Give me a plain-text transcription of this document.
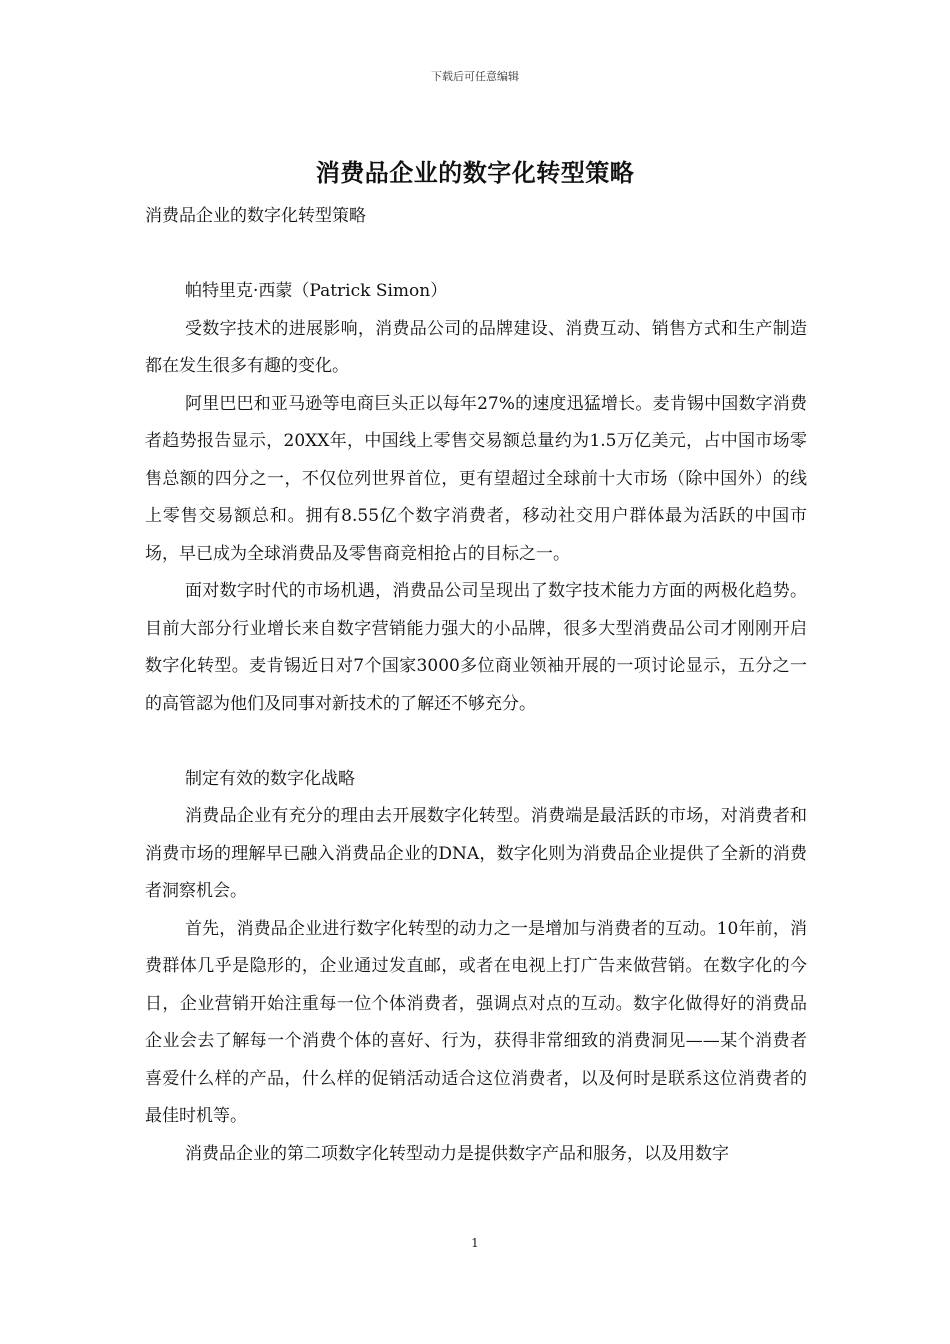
下载后可任意编辑
消费品企业的数字化转型策略

消费品企业的数字化转型策略

帕特里克·西蒙（Patrick Simon）

受数字技术的进展影响，消费品公司的品牌建设、消费互动、销售方式和生产制造都在发生很多有趣的变化。

阿里巴巴和亚马逊等电商巨头正以每年27%的速度迅猛增长。麦肯锡中国数字消费者趋势报告显示，20XX年，中国线上零售交易额总量约为1.5万亿美元，占中国市场零售总额的四分之一，不仅位列世界首位，更有望超过全球前十大市场（除中国外）的线上零售交易额总和。拥有8.55亿个数字消费者，移动社交用户群体最为活跃的中国市场，早已成为全球消费品及零售商竞相抢占的目标之一。

面对数字时代的市场机遇，消费品公司呈现出了数字技术能力方面的两极化趋势。目前大部分行业增长来自数字营销能力强大的小品牌，很多大型消费品公司才刚刚开启数字化转型。麦肯锡近日对7个国家3000多位商业领袖开展的一项讨论显示，五分之一的高管認为他们及同事对新技术的了解还不够充分。

制定有效的数字化战略

消费品企业有充分的理由去开展数字化转型。消费端是最活跃的市场，对消费者和消费市场的理解早已融入消费品企业的DNA，数字化则为消费品企业提供了全新的消费者洞察机会。

首先，消费品企业进行数字化转型的动力之一是增加与消费者的互动。10年前，消费群体几乎是隐形的，企业通过发直邮，或者在电视上打广告来做营销。在数字化的今日，企业营销开始注重每一位个体消费者，强调点对点的互动。数字化做得好的消费品企业会去了解每一个消费个体的喜好、行为，获得非常细致的消费洞见——某个消费者喜爱什么样的产品，什么样的促销活动适合这位消费者，以及何时是联系这位消费者的最佳时机等。

消费品企业的第二项数字化转型动力是提供数字产品和服务，以及用数字

1
